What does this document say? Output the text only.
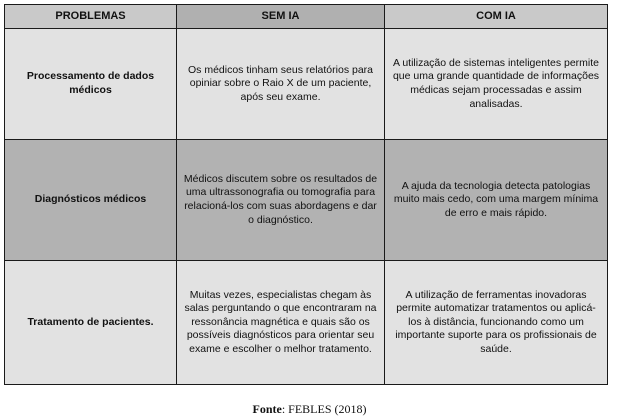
PROBLEMAS	SEM IA	COM IA
Processamento de dados médicos	Os médicos tinham seus relatórios para opiniar sobre o Raio X de um paciente, após seu exame.	A utilização de sistemas inteligentes permite que uma grande quantidade de informações médicas sejam processadas e assim analisadas.
Diagnósticos médicos	Médicos discutem sobre os resultados de uma ultrassonografia ou tomografia para relacioná-los com suas abordagens e dar o diagnóstico.	A ajuda da tecnologia detecta patologias muito mais cedo, com uma margem mínima de erro e mais rápido.
Tratamento de pacientes.	Muitas vezes, especialistas chegam às salas perguntando o que encontraram na ressonância magnética e quais são os possíveis diagnósticos para orientar seu exame e escolher o melhor tratamento.	A utilização de ferramentas inovadoras permite automatizar tratamentos ou aplicá-los à distância, funcionando como um importante suporte para os profissionais de saúde.
Fonte: FEBLES (2018)
